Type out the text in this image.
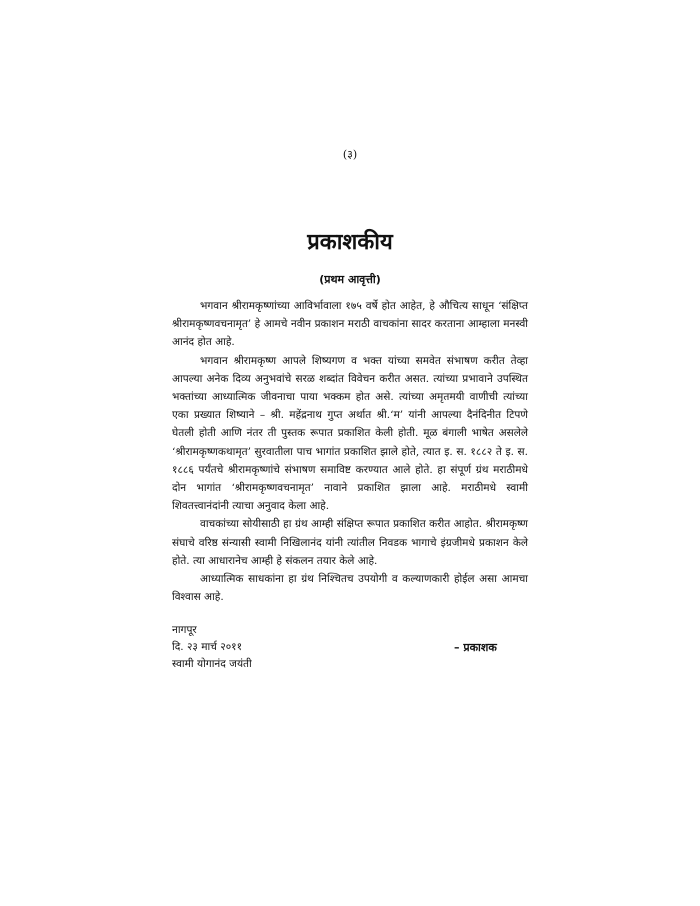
(३)
प्रकाशकीय
(प्रथम आवृत्ती)

भगवान श्रीरामकृष्णांच्या आविर्भावाला १७५ वर्षे होत आहेत, हे औचित्य साधून ‘संक्षिप्त श्रीरामकृष्णवचनामृत’ हे आमचे नवीन प्रकाशन मराठी वाचकांना सादर करताना आम्हाला मनस्वी आनंद होत आहे.

भगवान श्रीरामकृष्ण आपले शिष्यगण व भक्त यांच्या समवेत संभाषण करीत तेव्हा आपल्या अनेक दिव्य अनुभवांचे सरळ शब्दांत विवेचन करीत असत. त्यांच्या प्रभावाने उपस्थित भक्तांच्या आध्यात्मिक जीवनाचा पाया भक्कम होत असे. त्यांच्या अमृतमयी वाणीची त्यांच्या एका प्रख्यात शिष्याने – श्री. महेंद्रनाथ गुप्त अर्थात श्री.‘म’ यांनी आपल्या दैनंदिनीत टिपणे घेतली होती आणि नंतर ती पुस्तक रूपात प्रकाशित केली होती. मूळ बंगाली भाषेत असलेले ‘श्रीरामकृष्णकथामृत’ सुरवातीला पाच भागांत प्रकाशित झाले होते, त्यात इ. स. १८८२ ते इ. स. १८८६ पर्यंतचे श्रीरामकृष्णांचे संभाषण समाविष्ट करण्यात आले होते. हा संपूर्ण ग्रंथ मराठीमधे दोन भागांत ‘श्रीरामकृष्णवचनामृत’ नावाने प्रकाशित झाला आहे. मराठीमधे स्वामी शिवतत्त्वानंदांनी त्याचा अनुवाद केला आहे.

वाचकांच्या सोयीसाठी हा ग्रंथ आम्ही संक्षिप्त रूपात प्रकाशित करीत आहोत. श्रीरामकृष्ण संघाचे वरिष्ठ संन्यासी स्वामी निखिलानंद यांनी त्यांतील निवडक भागाचे इंग्रजीमधे प्रकाशन केले होते. त्या आधारानेच आम्ही हे संकलन तयार केले आहे.

आध्यात्मिक साधकांना हा ग्रंथ निश्चितच उपयोगी व कल्याणकारी होईल असा आमचा विश्वास आहे.

नागपूर
दि. २३ मार्च २०११
स्वामी योगानंद जयंती
– प्रकाशक
